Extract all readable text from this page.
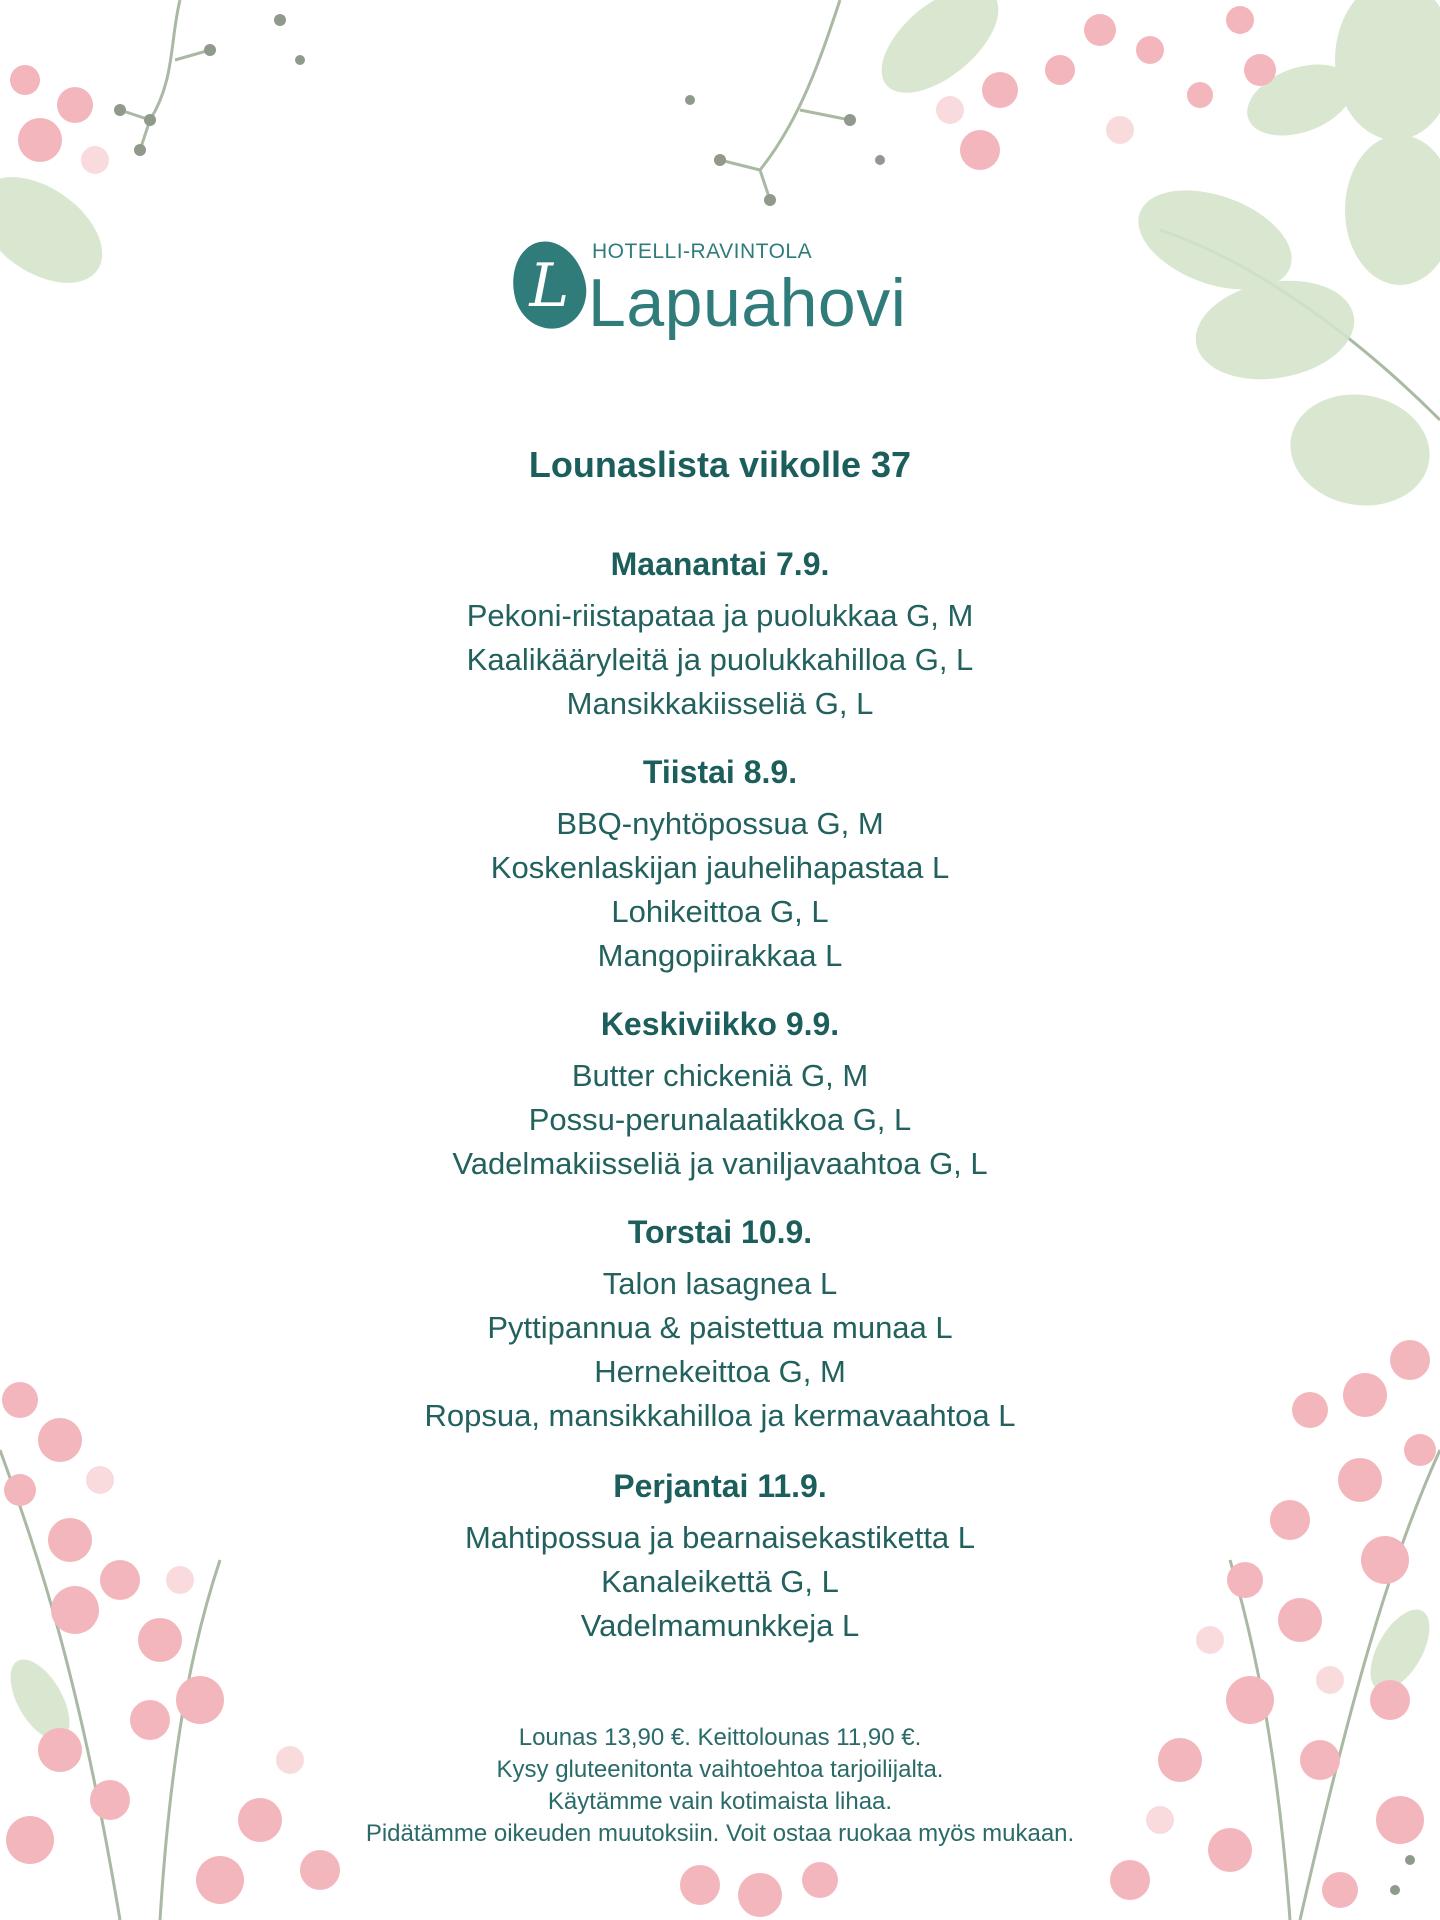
L	HOTELLI-RAVINTOLA
Lapuahovi
Lounaslista viikolle 37
Maanantai 7.9.
Pekoni-riistapataa ja puolukkaa G, M
Kaalikääryleitä ja puolukkahilloa G, L
Mansikkakiisseliä G, L
Tiistai 8.9.
BBQ-nyhtöpossua G, M
Koskenlaskijan jauhelihapastaa L
Lohikeittoa G, L
Mangopiirakkaa L
Keskiviikko 9.9.
Butter chickeniä G, M
Possu-perunalaatikkoa G, L
Vadelmakiisseliä ja vaniljavaahtoa G, L
Torstai 10.9.
Talon lasagnea L
Pyttipannua & paistettua munaa L
Hernekeittoa G, M
Ropsua, mansikkahilloa ja kermavaahtoa L
Perjantai 11.9.
Mahtipossua ja bearnaisekastiketta L
Kanaleikettä G, L
Vadelmamunkkeja L
Lounas 13,90 €. Keittolounas 11,90 €.
Kysy gluteenitonta vaihtoehtoa tarjoilijalta.
Käytämme vain kotimaista lihaa.
Pidätämme oikeuden muutoksiin. Voit ostaa ruokaa myös mukaan.
